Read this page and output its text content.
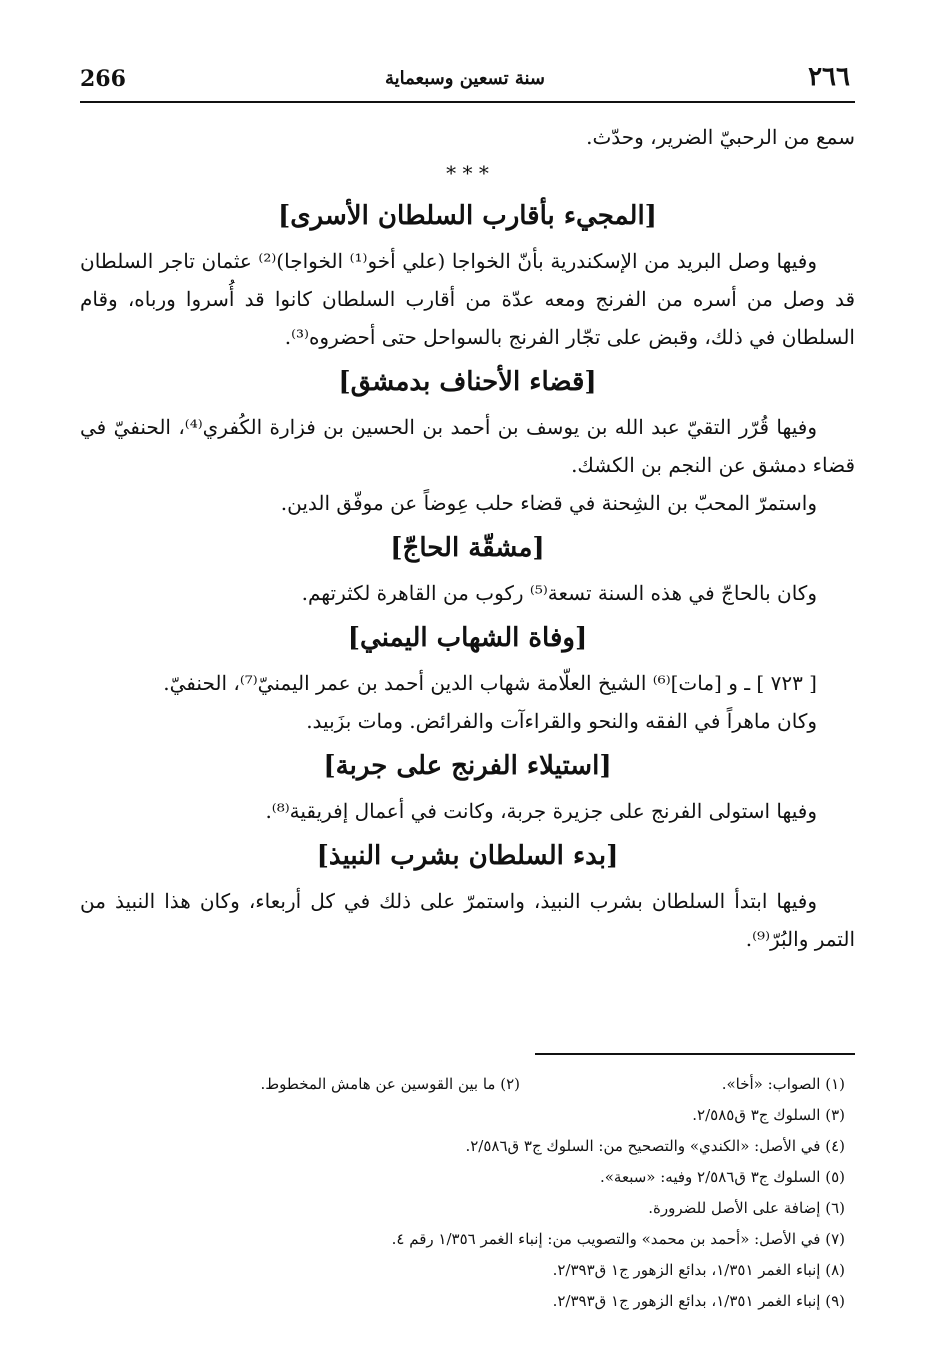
266	سنة تسعين وسبعماية	٢٦٦

سمع من الرحبيّ الضرير، وحدّث.

* * *
[المجيء بأقارب السلطان الأسرى]

وفيها وصل البريد من الإسكندرية بأنّ الخواجا (علي أخو⁽¹⁾ الخواجا)⁽²⁾ عثمان تاجر السلطان قد وصل من أسره من الفرنج ومعه عدّة من أقارب السلطان كانوا قد أُسروا ورباه، وقام السلطان في ذلك، وقبض على تجّار الفرنج بالسواحل حتى أحضروه⁽³⁾.

[قضاء الأحناف بدمشق]

وفيها قُرّر التقيّ عبد الله بن يوسف بن أحمد بن الحسين بن فزارة الكُفري⁽⁴⁾، الحنفيّ في قضاء دمشق عن النجم بن الكشك.

واستمرّ المحبّ بن الشِحنة في قضاء حلب عِوضاً عن موفّق الدين.

[مشقّة الحاجّ]

وكان بالحاجّ في هذه السنة تسعة⁽⁵⁾ ركوب من القاهرة لكثرتهم.

[وفاة الشهاب اليمني]

[ ٧٢٣ ] ـ و [مات]⁽⁶⁾ الشيخ العلّامة شهاب الدين أحمد بن عمر اليمنيّ⁽⁷⁾، الحنفيّ.

وكان ماهراً في الفقه والنحو والقراءآت والفرائض. ومات بزَبيد.

[استيلاء الفرنج على جربة]

وفيها استولى الفرنج على جزيرة جربة، وكانت في أعمال إفريقية⁽⁸⁾.

[بدء السلطان بشرب النبيذ]

وفيها ابتدأ السلطان بشرب النبيذ، واستمرّ على ذلك في كل أربعاء، وكان هذا النبيذ من التمر والبُرّ⁽⁹⁾.

(١) الصواب: «أخا».
(٢) ما بين القوسين عن هامش المخطوط.
(٣) السلوك ج٣ ق٢/٥٨٥.
(٤) في الأصل: «الكندي» والتصحيح من: السلوك ج٣ ق٢/٥٨٦.
(٥) السلوك ج٣ ق٢/٥٨٦ وفيه: «سبعة».
(٦) إضافة على الأصل للضرورة.
(٧) في الأصل: «أحمد بن محمد» والتصويب من: إنباء الغمر ١/٣٥٦ رقم ٤.
(٨) إنباء الغمر ١/٣٥١، بدائع الزهور ج١ ق٢/٣٩٣.
(٩) إنباء الغمر ١/٣٥١، بدائع الزهور ج١ ق٢/٣٩٣.
